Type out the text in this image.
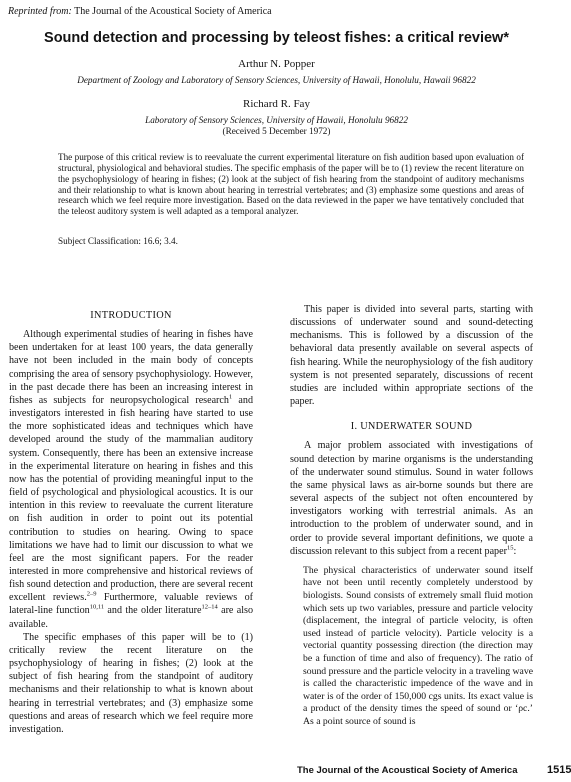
Reprinted from: The Journal of the Acoustical Society of America
Sound detection and processing by teleost fishes: a critical review*
Arthur N. Popper
Department of Zoology and Laboratory of Sensory Sciences, University of Hawaii, Honolulu, Hawaii 96822
Richard R. Fay
Laboratory of Sensory Sciences, University of Hawaii, Honolulu 96822
(Received 5 December 1972)
The purpose of this critical review is to reevaluate the current experimental literature on fish audition based upon evaluation of structural, physiological and behavioral studies. The specific emphasis of the paper will be to (1) review the recent literature on the psychophysiology of hearing in fishes; (2) look at the subject of fish hearing from the standpoint of auditory mechanisms and their relationship to what is known about hearing in terrestrial vertebrates; and (3) emphasize some questions and areas of research which we feel require more investigation. Based on the data reviewed in the paper we have tentatively concluded that the teleost auditory system is well adapted as a temporal analyzer.
Subject Classification: 16.6; 3.4.

INTRODUCTION

Although experimental studies of hearing in fishes have been undertaken for at least 100 years, the data generally have not been included in the main body of concepts comprising the area of sensory psychophysiology. However, in the past decade there has been an increasing interest in fishes as subjects for neuropsychological research$^1$ and investigators interested in fish hearing have started to use the more sophisticated ideas and techniques which have developed around the study of the mammalian auditory system. Consequently, there has been an extensive increase in the experimental literature on hearing in fishes and this now has the potential of providing meaningful input to the field of psychological and physiological acoustics. It is our intention in this review to reevaluate the current literature on fish audition in order to point out its potential contribution to studies on hearing. Owing to space limitations we have had to limit our discussion to what we feel are the most significant papers. For the reader interested in more comprehensive and historical reviews of fish sound detection and production, there are several recent excellent reviews.$^{2-9}$ Furthermore, valuable reviews of lateral-line function$^{10,11}$ and the older literature$^{12-14}$ are also available.

The specific emphases of this paper will be to (1) critically review the recent literature on the psychophysiology of hearing in fishes; (2) look at the subject of fish hearing from the standpoint of auditory mechanisms and their relationship to what is known about hearing in terrestrial vertebrates; and (3) emphasize some questions and areas of research which we feel require more investigation.

This paper is divided into several parts, starting with discussions of underwater sound and sound-detecting mechanisms. This is followed by a discussion of the behavioral data presently available on several aspects of fish hearing. While the neurophysiology of the fish auditory system is not presented separately, discussions of recent studies are included within appropriate sections of the paper.

I. UNDERWATER SOUND

A major problem associated with investigations of sound detection by marine organisms is the understanding of the underwater sound stimulus. Sound in water follows the same physical laws as air-borne sounds but there are several aspects of the subject not often encountered by investigators working with terrestrial animals. As an introduction to the problem of underwater sound, and in order to provide several important definitions, we quote a discussion relevant to this subject from a recent paper$^{15}$:

The physical characteristics of underwater sound itself have not been until recently completely understood by biologists. Sound consists of extremely small fluid motion which sets up two variables, pressure and particle velocity (displacement, the integral of particle velocity, is often used instead of particle velocity). Particle velocity is a vectorial quantity possessing direction (the direction may be a function of time and also of frequency). The ratio of sound pressure and the particle velocity in a traveling wave is called the characteristic impedence of the wave and in water is of the order of 150,000 cgs units. Its exact value is a product of the density times the speed of sound or ‘ρc.’ As a point source of sound is

The Journal of the Acoustical Society of America	1515
